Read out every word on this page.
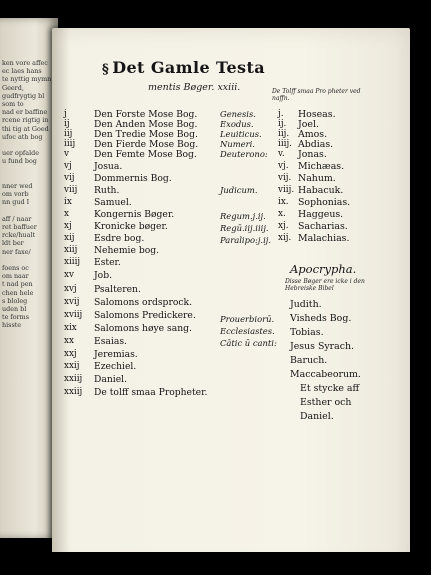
ken vore affec
ec laes hans
te nyttig mymn
Geerd,
gudfrygtig bl
som to
nad er baffine
rcene rigtig in
thi tig at Goed
ufoc ath bog
uer opfalde
u fund bog
nner wed
om vorb
nn gud I
aff / naar
ret baffuer
rcke/hualt
ldt ber
ner faxe/
foens oc
om naar
t nad pen
chen hele
s bloleg
uden bl
te forms
hisste
§ Det Gamle Testa
mentis Bøger. xxiii.	De Tolff smaa Pro pheter ved naffn.
Apocrypha.
Disse Bøger ere icke i den Hebreiske Bibel
j	Den Forste Mose Bog.
ij	Den Anden Mose Bog.
iij Den Tredie Mose Bog.
iiij Den Fierde Mose Bog.
v	Den Femte Mose Bog.
vj Josua.
vij Dommernis Bog.
viij Ruth.
ix Samuel.
x	Kongernis Bøger.
xj Kronicke bøger.
xij Esdre bog.
xiij Nehemie bog.
xiiij Ester.
xv Job.
xvj Psalteren.
xvij Salomons ordsprock.
xviij Salomons Predickere.
xix Salomons høye sang.
xx Esaias.
xxj Jeremias.
xxij Ezechiel.
xxiij Daniel.
xxiij De tolff smaa Propheter.
Genesis.
Exodus.
Leuiticus.
Numeri.
Deuterono:
Judicum.
Regum.j.ij.
Regū.iij.iiij.
Paralipo:j.ij.
Prouerbiorū.
Ecclesiastes.
Cātic ū canti:
j. Hoseas.
ij. Joel.
iij. Amos.
iiij. Abdias.
v. Jonas.
vj. Michæas.
vij. Nahum.
viij. Habacuk.
ix. Sophonias.
x. Haggeus.
xj. Sacharias.
xij. Malachias.
Judith.
Visheds Bog.
Tobias.
Jesus Syrach.
Baruch.
Maccabeorum.
Et stycke aff
Esther och
Daniel.
